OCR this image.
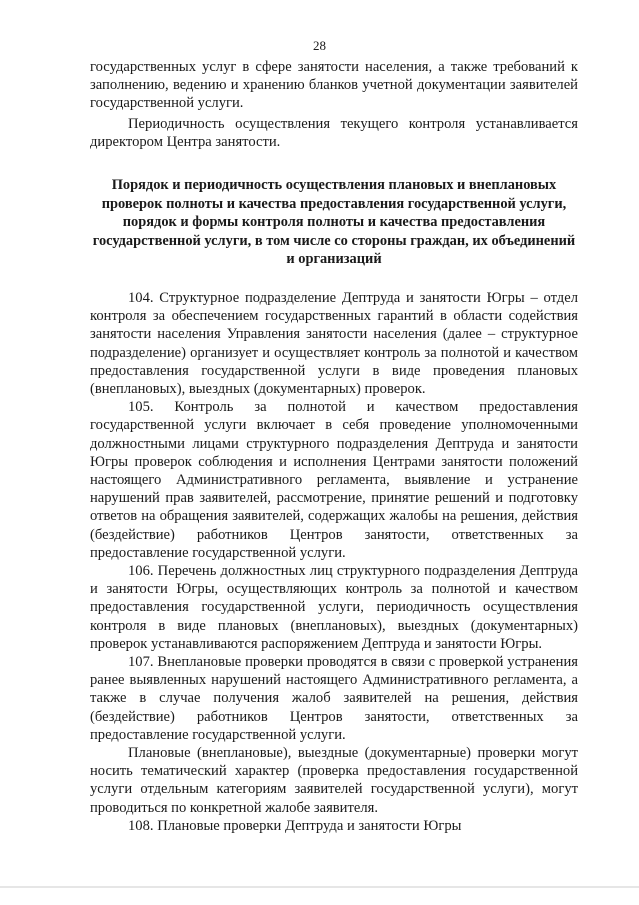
28

государственных услуг в сфере занятости населения, а также требований к заполнению, ведению и хранению бланков учетной документации заявителей государственной услуги.

Периодичность осуществления текущего контроля устанавливается директором Центра занятости.

Порядок и периодичность осуществления плановых и внеплановых проверок полноты и качества предоставления государственной услуги, порядок и формы контроля полноты и качества предоставления государственной услуги, в том числе со стороны граждан, их объединений и организаций

104. Структурное подразделение Дептруда и занятости Югры – отдел контроля за обеспечением государственных гарантий в области содействия занятости населения Управления занятости населения (далее – структурное подразделение) организует и осуществляет контроль за полнотой и качеством предоставления государственной услуги в виде проведения плановых (внеплановых), выездных (документарных) проверок.

105. Контроль за полнотой и качеством предоставления государственной услуги включает в себя проведение уполномоченными должностными лицами структурного подразделения Дептруда и занятости Югры проверок соблюдения и исполнения Центрами занятости положений настоящего Административного регламента, выявление и устранение нарушений прав заявителей, рассмотрение, принятие решений и подготовку ответов на обращения заявителей, содержащих жалобы на решения, действия (бездействие) работников Центров занятости, ответственных за предоставление государственной услуги.

106. Перечень должностных лиц структурного подразделения Дептруда и занятости Югры, осуществляющих контроль за полнотой и качеством предоставления государственной услуги, периодичность осуществления контроля в виде плановых (внеплановых), выездных (документарных) проверок устанавливаются распоряжением Дептруда и занятости Югры.

107. Внеплановые проверки проводятся в связи с проверкой устранения ранее выявленных нарушений настоящего Административного регламента, а также в случае получения жалоб заявителей на решения, действия (бездействие) работников Центров занятости, ответственных за предоставление государственной услуги.

Плановые (внеплановые), выездные (документарные) проверки могут носить тематический характер (проверка предоставления государственной услуги отдельным категориям заявителей государственной услуги), могут проводиться по конкретной жалобе заявителя.

108. Плановые проверки Дептруда и занятости Югры
